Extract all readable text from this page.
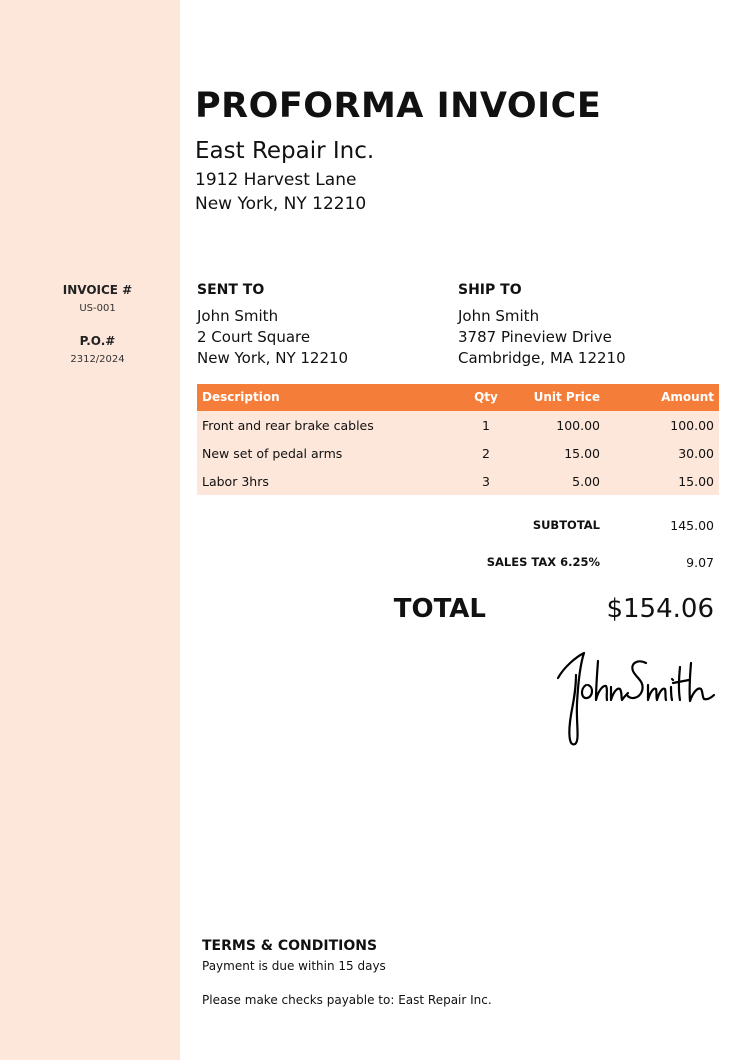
INVOICE #
US-001
P.O.#
2312/2024
PROFORMA INVOICE
East Repair Inc.
1912 Harvest Lane
New York, NY 12210
SENT TO
John Smith
2 Court Square
New York, NY 12210
SHIP TO
John Smith
3787 Pineview Drive
Cambridge, MA 12210
Description	Qty	Unit Price	Amount
Front and rear brake cables	1	100.00	100.00
New set of pedal arms	2	15.00	30.00
Labor 3hrs	3	5.00	15.00
SUBTOTAL	145.00
SALES TAX 6.25%	9.07
TOTAL	$154.06
TERMS & CONDITIONS
Payment is due within 15 days
Please make checks payable to: East Repair Inc.
